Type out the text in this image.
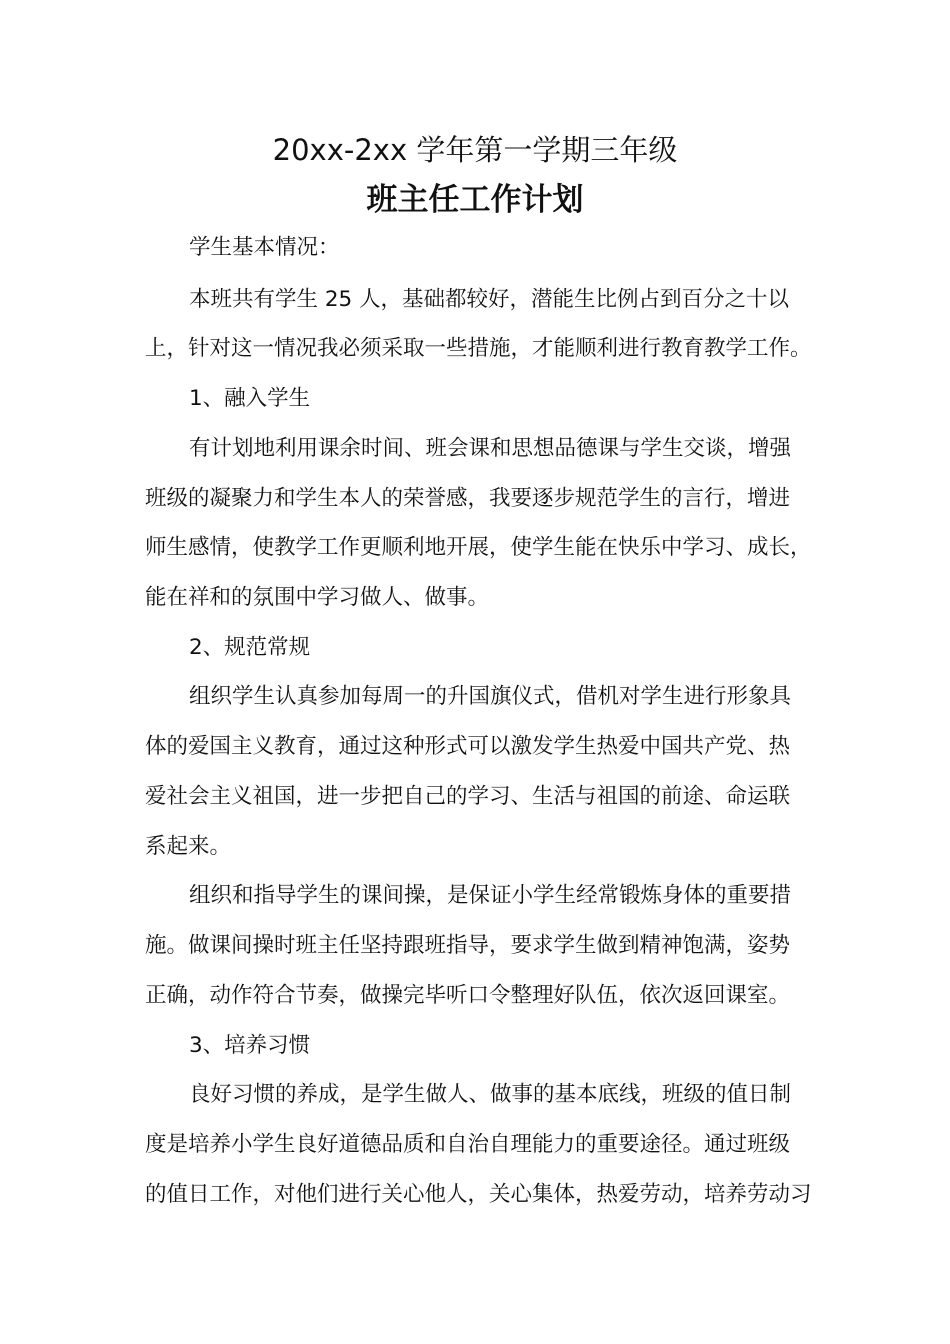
20xx-2xx 学年第一学期三年级
班主任工作计划
学生基本情况：
本班共有学生 25 人，基础都较好，潜能生比例占到百分之十以
上，针对这一情况我必须采取一些措施，才能顺利进行教育教学工作。
1、融入学生
有计划地利用课余时间、班会课和思想品德课与学生交谈，增强
班级的凝聚力和学生本人的荣誉感，我要逐步规范学生的言行，增进
师生感情，使教学工作更顺利地开展，使学生能在快乐中学习、成长，
能在祥和的氛围中学习做人、做事。
2、规范常规
组织学生认真参加每周一的升国旗仪式，借机对学生进行形象具
体的爱国主义教育，通过这种形式可以激发学生热爱中国共产党、热
爱社会主义祖国，进一步把自己的学习、生活与祖国的前途、命运联
系起来。
组织和指导学生的课间操，是保证小学生经常锻炼身体的重要措
施。做课间操时班主任坚持跟班指导，要求学生做到精神饱满，姿势
正确，动作符合节奏，做操完毕听口令整理好队伍，依次返回课室。
3、培养习惯
良好习惯的养成，是学生做人、做事的基本底线，班级的值日制
度是培养小学生良好道德品质和自治自理能力的重要途径。通过班级
的值日工作，对他们进行关心他人，关心集体，热爱劳动，培养劳动习
